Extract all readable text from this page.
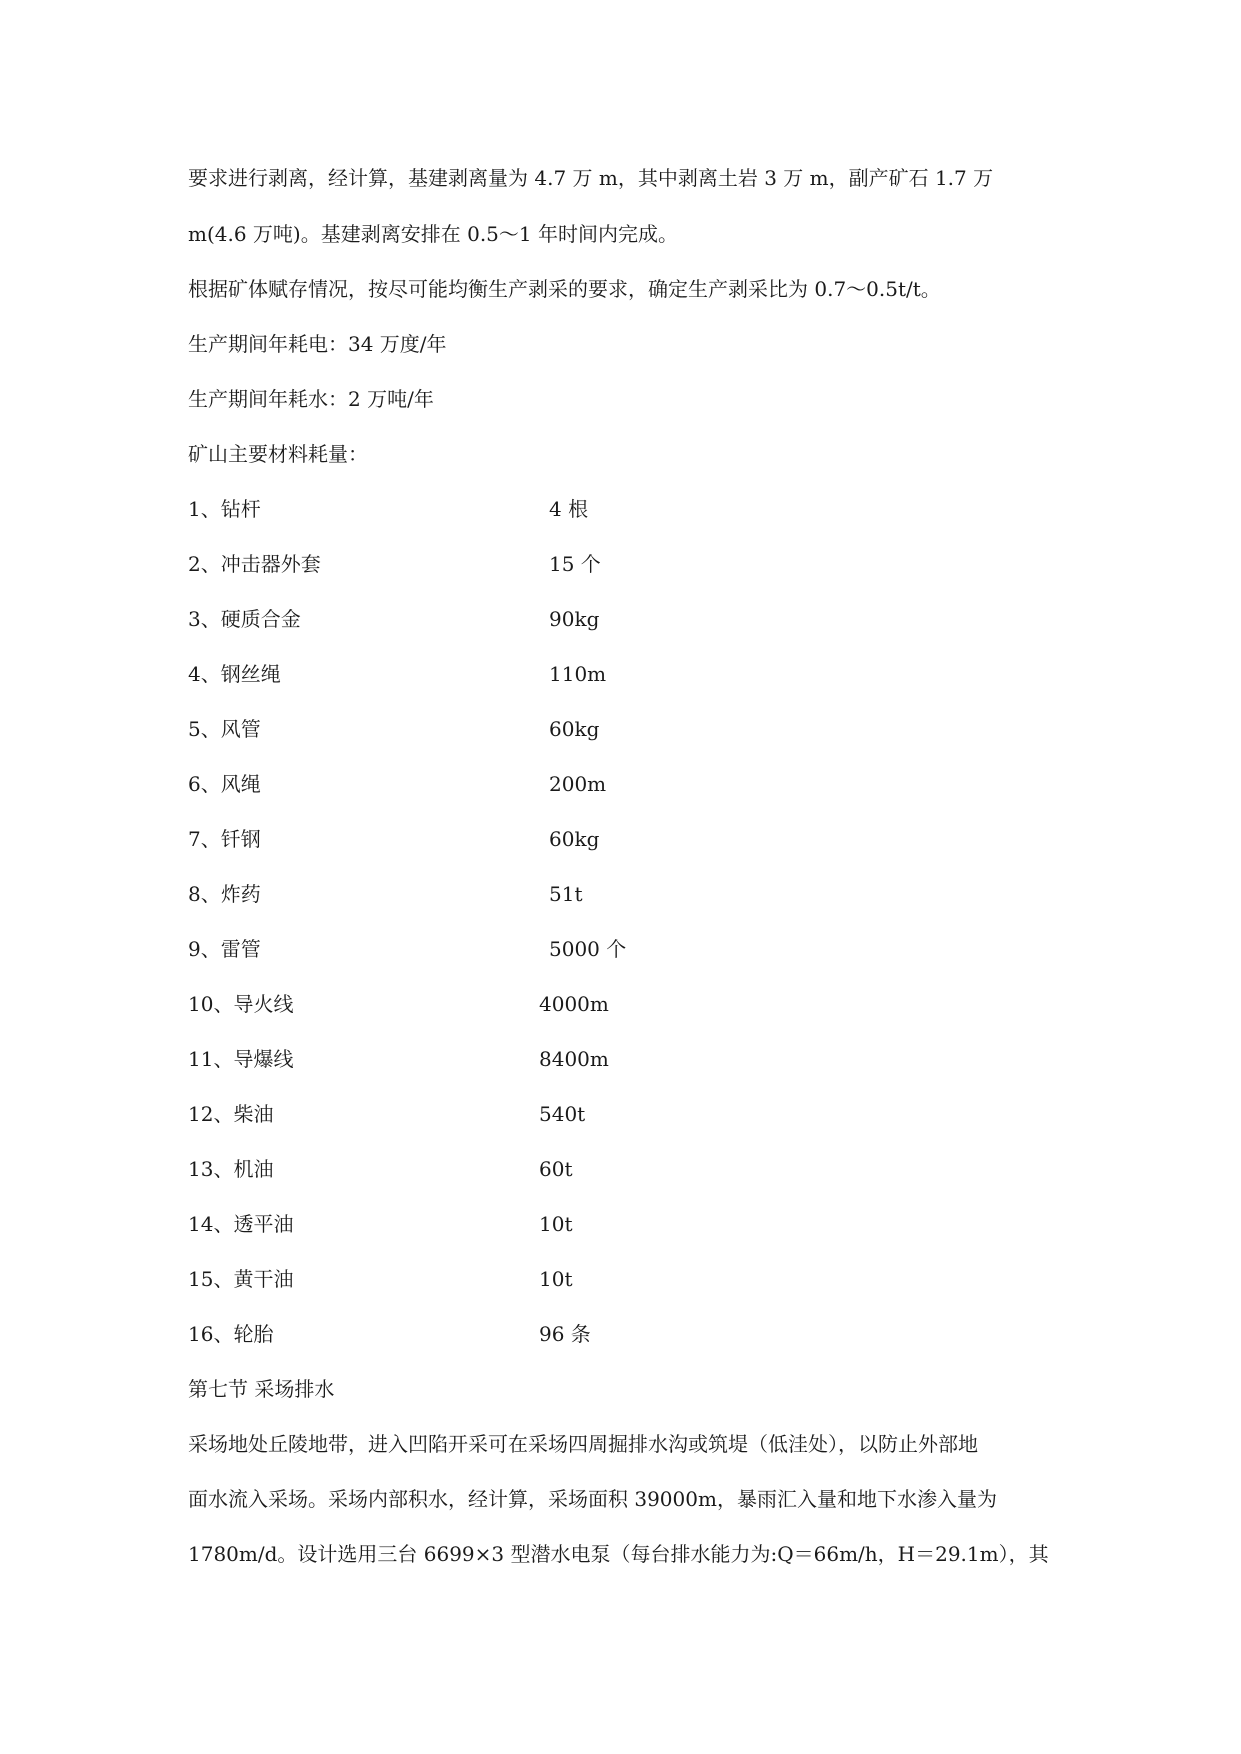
要求进行剥离，经计算，基建剥离量为 4.7 万 m，其中剥离土岩 3 万 m，副产矿石 1.7 万
m(4.6 万吨)。基建剥离安排在 0.5～1 年时间内完成。
根据矿体赋存情况，按尽可能均衡生产剥采的要求，确定生产剥采比为 0.7～0.5t/t。
生产期间年耗电：34 万度/年
生产期间年耗水：2 万吨/年
矿山主要材料耗量：
1、钻杆	4 根
2、冲击器外套	15 个
3、硬质合金	90kg
4、钢丝绳	110m
5、风管	60kg
6、风绳	200m
7、钎钢	60kg
8、炸药	51t
9、雷管	5000 个
10、导火线	4000m
11、导爆线	8400m
12、柴油	540t
13、机油	60t
14、透平油	10t
15、黄干油	10t
16、轮胎	96 条
第七节 采场排水
采场地处丘陵地带，进入凹陷开采可在采场四周掘排水沟或筑堤（低洼处），以防止外部地
面水流入采场。采场内部积水，经计算，采场面积 39000m，暴雨汇入量和地下水渗入量为
1780m/d。设计选用三台 6699×3 型潜水电泵（每台排水能力为:Q＝66m/h，H＝29.1m），其
